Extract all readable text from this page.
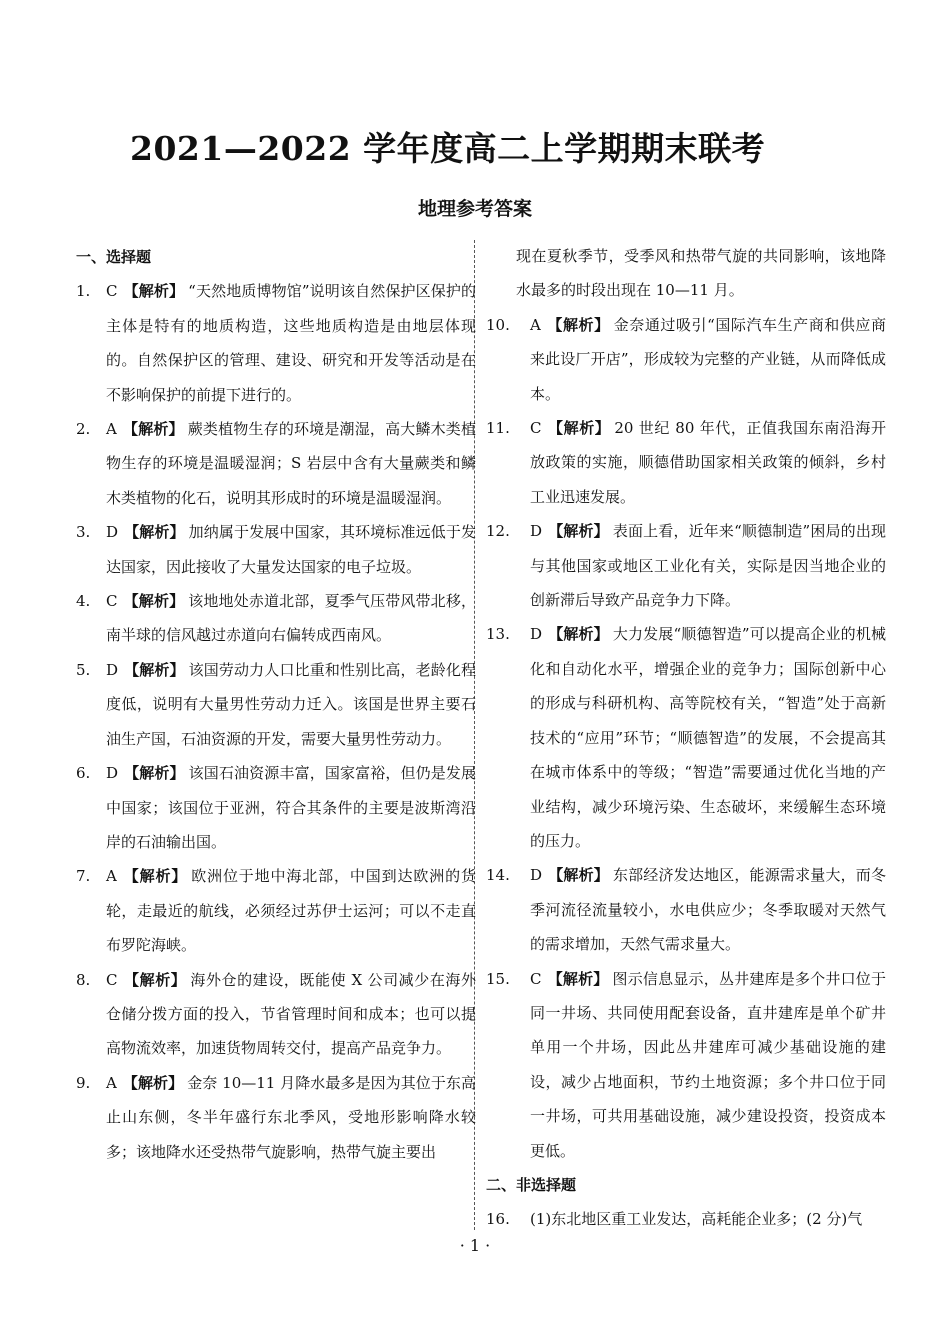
2021—2022 学年度高二上学期期末联考
地理参考答案

一、选择题

1.	C 【解析】 “天然地质博物馆”说明该自然保护区保护的主体是特有的地质构造，这些地质构造是由地层体现的。自然保护区的管理、建设、研究和开发等活动是在不影响保护的前提下进行的。
2.	A 【解析】 蕨类植物生存的环境是潮湿，高大鳞木类植物生存的环境是温暖湿润；S 岩层中含有大量蕨类和鳞木类植物的化石，说明其形成时的环境是温暖湿润。
3.	D 【解析】 加纳属于发展中国家，其环境标准远低于发达国家，因此接收了大量发达国家的电子垃圾。
4.	C 【解析】 该地地处赤道北部，夏季气压带风带北移，南半球的信风越过赤道向右偏转成西南风。
5.	D 【解析】 该国劳动力人口比重和性别比高，老龄化程度低，说明有大量男性劳动力迁入。该国是世界主要石油生产国，石油资源的开发，需要大量男性劳动力。
6.	D 【解析】 该国石油资源丰富，国家富裕，但仍是发展中国家；该国位于亚洲，符合其条件的主要是波斯湾沿岸的石油输出国。
7.	A 【解析】 欧洲位于地中海北部，中国到达欧洲的货轮，走最近的航线，必须经过苏伊士运河；可以不走直布罗陀海峡。
8.	C 【解析】 海外仓的建设，既能使 X 公司减少在海外仓储分拨方面的投入，节省管理时间和成本；也可以提高物流效率，加速货物周转交付，提高产品竞争力。
9.	A 【解析】 金奈 10—11 月降水最多是因为其位于东高止山东侧，冬半年盛行东北季风，受地形影响降水较多；该地降水还受热带气旋影响，热带气旋主要出

现在夏秋季节，受季风和热带气旋的共同影响，该地降水最多的时段出现在 10—11 月。

10.	A 【解析】 金奈通过吸引“国际汽车生产商和供应商来此设厂开店”，形成较为完整的产业链，从而降低成本。
11.	C 【解析】 20 世纪 80 年代，正值我国东南沿海开放政策的实施，顺德借助国家相关政策的倾斜，乡村工业迅速发展。
12.	D 【解析】 表面上看，近年来“顺德制造”困局的出现与其他国家或地区工业化有关，实际是因当地企业的创新滞后导致产品竞争力下降。
13.	D 【解析】 大力发展“顺德智造”可以提高企业的机械化和自动化水平，增强企业的竞争力；国际创新中心的形成与科研机构、高等院校有关，“智造”处于高新技术的“应用”环节；“顺德智造”的发展，不会提高其在城市体系中的等级；“智造”需要通过优化当地的产业结构，减少环境污染、生态破坏，来缓解生态环境的压力。
14.	D 【解析】 东部经济发达地区，能源需求量大，而冬季河流径流量较小，水电供应少；冬季取暖对天然气的需求增加，天然气需求量大。
15.	C 【解析】 图示信息显示，丛井建库是多个井口位于同一井场、共同使用配套设备，直井建库是单个矿井单用一个井场，因此丛井建库可减少基础设施的建设，减少占地面积，节约土地资源；多个井口位于同一井场，可共用基础设施，减少建设投资，投资成本更低。

二、非选择题

16.	(1)东北地区重工业发达，高耗能企业多；(2 分)气
· 1 ·
